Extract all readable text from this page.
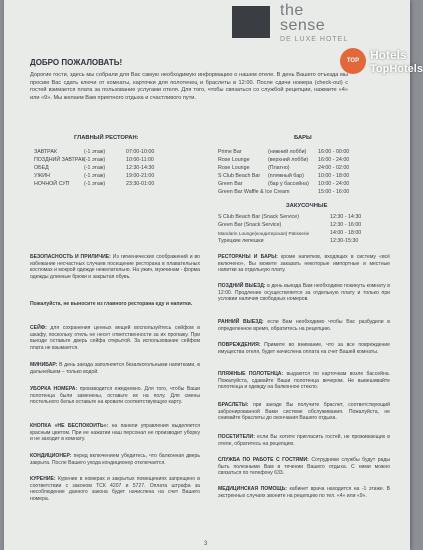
the
sense
DE LUXE HOTEL
TOP Hotels
TopHotels
ДОБРО ПОЖАЛОВАТЬ!

Дорогие гости, здесь мы собрали для Вас самую необходимую информацию о нашем отеле. В день Вашего отъезда мы просим Вас сдать ключи от комнаты, карточки для полотенец и браслеты в 12:00. После сдачи номера (check-out) с гостей взимается плата за пользование услугами отеля. Для того, чтобы связаться со службой рецепции, нажмите «4» или «9». Мы желаем Вам приятного отдыха и счастливого пути.

ГЛАВНЫЙ РЕСТОРАН:
ЗАВТРАК	(-1 этаж)	07:00-10:00
ПОЗДНИЙ ЗАВТРАК (-1 этаж)	10:00-11:00
ОБЕД	(-1 этаж)	12:30-14:30
УЖИН	(-1 этаж)	19:00-21:00
НОЧНОЙ СУП	(-1 этаж)	23:30-01:00
БАРЫ
Prime Bar	(нижний лобби) 16:00 - 00:00
Rose Lounge	(верхний лобби) 16:00 - 24:00
Rose Lounge	(Платно)	24:00 - 02:00
S Club Beach Bar (пляжный бар)	10:00 - 18:00
Green Bar	(бар у бассейна) 10:00 - 24:00
Green Bar Waffle & Ice Cream	15:00 - 16:00
ЗАКУСОЧНЫЕ
S Club Beach Bar (Snack Service)	12:30 - 14:30
Green Bar (Snack Service)	12:30 - 16:00
Mandarin Lounge(кондитерская) Patisserie	14:00 - 18:00
Турецкие лепешки	12:30-15:30

БЕЗОПАСНОСТЬ И ПРИЛИЧИЕ: Из гигиенических соображений и во избежание несчастных случаев посещение ресторана в плавательных костюмах и мокрой одежде нежелательно. На ужин, мужчинам - форма одежды длинные брюки и закрытая обувь.

Пожалуйста, не выносите из главного ресторана еду и напитки.

СЕЙФ: для сохранения ценных вещей воспользуйтесь сейфом в шкафу, поскольку отель не несет ответственности за их пропажу. При выезде оставьте дверь сейфа открытой. За использование сейфом плата не взымается.

МИНИБАР: В день заезда заполняется безалкогольными напитками, в дальнейшем – только водой.

УБОРКА НОМЕРА: производится ежедневно. Для того, чтобы Ваши полотенца были заменены, оставьте их на полу. Для смены постельного белья оставьте на кровати соответствующую карту.

КНОПКА «НЕ БЕСПОКОИТЬ»: на панели управления выделяется красным цветом. При ее нажатии наш персонал не производит уборку и не заходит в комнату.

КОНДИЦИОНЕР: перед включением убедитесь, что балконная дверь закрыта. После Вашего ухода кондиционер отключается.

КУРЕНИЕ: Курение в номерах и закрытых помещениях запрещено в соответствии с законом ТСК 4207 и 5727. Оплата штрафа за несоблюдение данного закона будет начислена на счет Вашего номера.

РЕСТОРАНЫ И БАРЫ: кроме напитков, входящих в систему «всё включено», Вы можете заказать некоторые импортные и местные напитки за отдельную плату.

ПОЗДНИЙ ВЫЕЗД: в день выезда Вам необходимо покинуть комнату в 12:00. Продление осуществляется за отдельную плату и только при условии наличия свободных номеров.

РАННИЙ ВЫЕЗД: если Вам необходимо чтобы Вас разбудили в определенное время, обратитесь на рецепцию.

ПОВРЕЖДЕНИЯ: Примите во внимание, что за все повреждение имущества отеля, будет начислена оплата на счет Вашей комнаты.

ПЛЯЖНЫЕ ПОЛОТЕНЦА: выдаются по карточкам возле бассейна. Пожалуйста, сдавайте Ваши полотенца вечером. Не вывешивайте полотенца и одежду на балконное стекло.

БРАСЛЕТЫ: при заезде Вы получите браслет, соответствующий забронированной Вами системе обслуживания. Пожалуйста, не снимайте браслеты до окончания Вашего отдыха.

ПОСЕТИТЕЛИ: если Вы хотите пригласить гостей, не проживающих в отеле, обратитесь на рецепцию.

СЛУЖБА ПО РАБОТЕ С ГОСТЯМИ: Сотрудники службы будут рады быть полезными Вам в течении Вашего отдыха. С ними можно связаться по телефону 633.

МЕДИЦИНСКАЯ ПОМОЩЬ: кабинет врача находится на -1 этаже. В экстренных случаях звоните на рецепцию по тел. «4» или «9».

3
